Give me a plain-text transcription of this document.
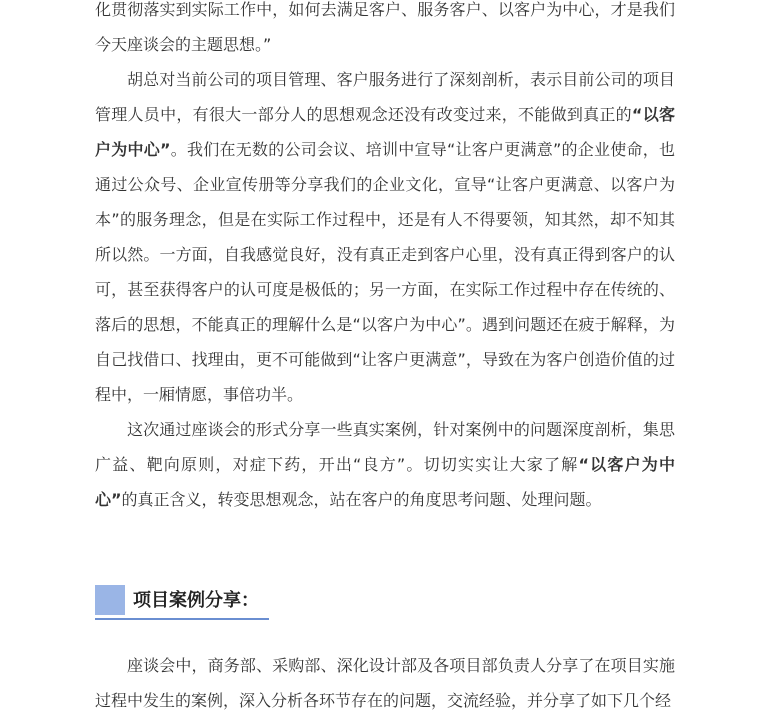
化贯彻落实到实际工作中，如何去满足客户、服务客户、以客户为中心，才是我们今天座谈会的主题思想。”

胡总对当前公司的项目管理、客户服务进行了深刻剖析，表示目前公司的项目管理人员中，有很大一部分人的思想观念还没有改变过来，不能做到真正的“以客户为中心”。我们在无数的公司会议、培训中宣导“让客户更满意”的企业使命，也通过公众号、企业宣传册等分享我们的企业文化，宣导“让客户更满意、以客户为本”的服务理念，但是在实际工作过程中，还是有人不得要领，知其然，却不知其所以然。一方面，自我感觉良好，没有真正走到客户心里，没有真正得到客户的认可，甚至获得客户的认可度是极低的；另一方面，在实际工作过程中存在传统的、落后的思想，不能真正的理解什么是“以客户为中心”。遇到问题还在疲于解释，为自己找借口、找理由，更不可能做到“让客户更满意”，导致在为客户创造价值的过程中，一厢情愿，事倍功半。

这次通过座谈会的形式分享一些真实案例，针对案例中的问题深度剖析，集思广益、靶向原则，对症下药，开出“良方”。切切实实让大家了解“以客户为中心”的真正含义，转变思想观念，站在客户的角度思考问题、处理问题。

项目案例分享：

座谈会中，商务部、采购部、深化设计部及各项目部负责人分享了在项目实施过程中发生的案例，深入分析各环节存在的问题，交流经验，并分享了如下几个经
